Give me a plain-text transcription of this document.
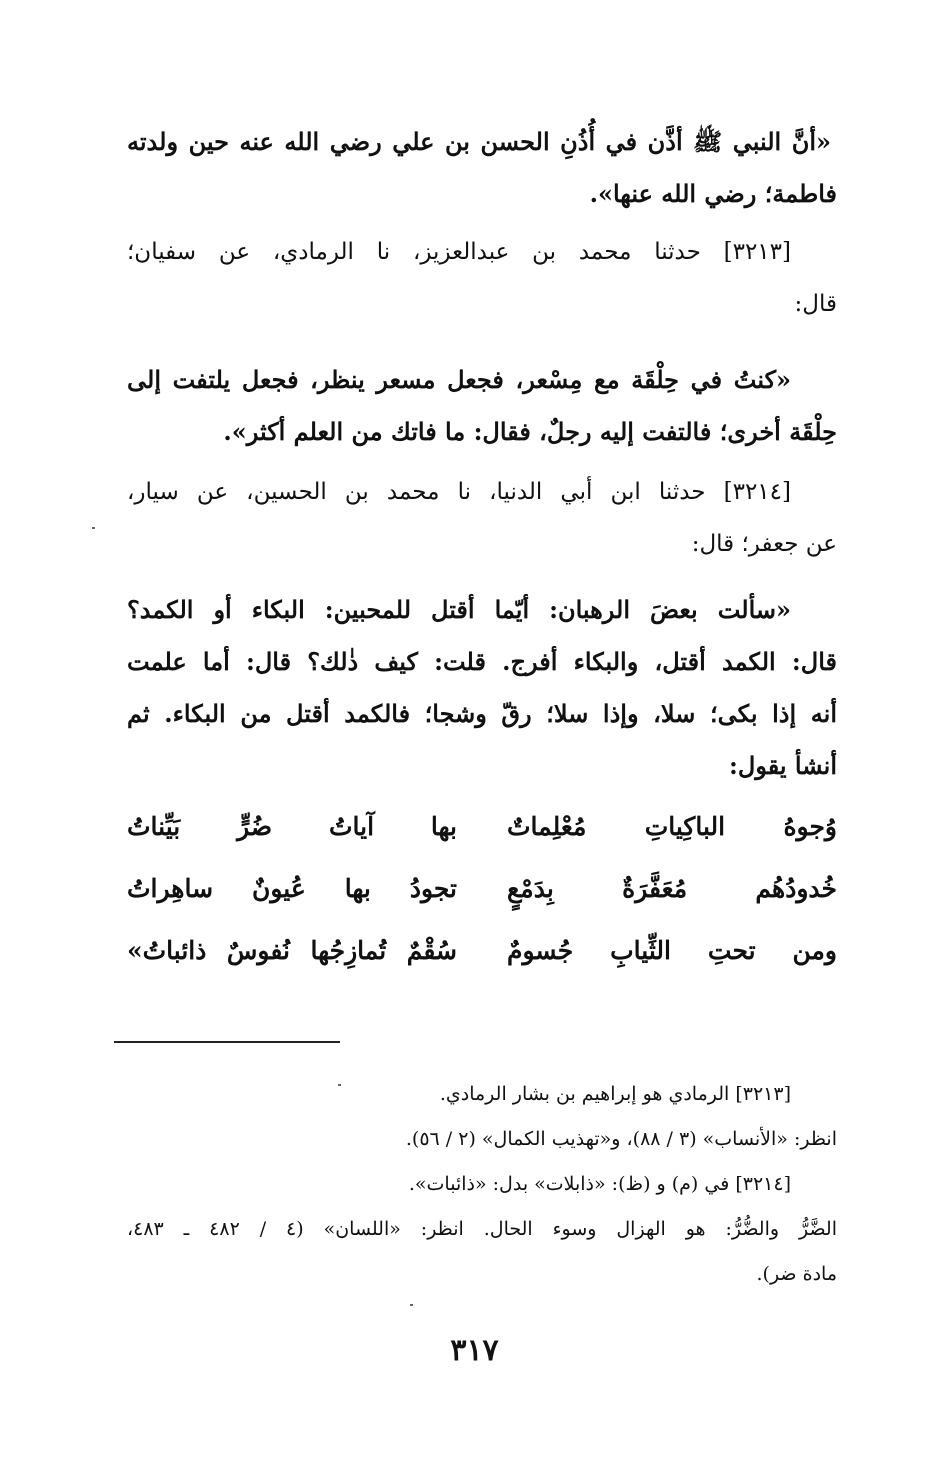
«أنَّ النبي ﷺ أذَّن في أُذُنِ الحسن بن علي رضي الله عنه حين ولدته
فاطمة؛ رضي الله عنها».
[٣٢١٣] حدثنا محمد بن عبدالعزيز، نا الرمادي، عن سفيان؛
قال:
«كنتُ في حِلْقَة مع مِسْعر، فجعل مسعر ينظر، فجعل يلتفت إلى
حِلْقَة أخرى؛ فالتفت إليه رجلٌ، فقال: ما فاتك من العلم أكثر».
[٣٢١٤] حدثنا ابن أبي الدنيا، نا محمد بن الحسين، عن سيار،
عن جعفر؛ قال:
«سألت بعضَ الرهبان: أيّما أقتل للمحبين: البكاء أو الكمد؟
قال: الكمد أقتل، والبكاء أفرج. قلت: كيف ذٰلك؟ قال: أما علمت
أنه إذا بكى؛ سلا، وإذا سلا؛ رقّ وشجا؛ فالكمد أقتل من البكاء. ثم
أنشأ يقول:
وُجوهُ الباكِياتِ مُعْلِماتٌ
بها آياتُ ضُرٍّ بَيِّناتُ
خُدودُهُم مُعَفَّرَةٌ بِدَمْعٍ
تجودُ بها عُيونٌ ساهِراتُ
ومن تحتِ الثِّيابِ جُسومٌ
سُقْمٌ تُمازِجُها نُفوسٌ ذائباتُ»
[٣٢١٣] الرمادي هو إبراهيم بن بشار الرمادي.
انظر: «الأنساب» (٣ / ٨٨)، و«تهذيب الكمال» (٢ / ٥٦).
[٣٢١٤] في (م) و (ظ): «ذابلات» بدل: «ذائبات».
الضَّرُّ والضُّرُّ: هو الهزال وسوء الحال. انظر: «اللسان» (٤ / ٤٨٢ ـ ٤٨٣،
مادة ضر).
٣١٧
